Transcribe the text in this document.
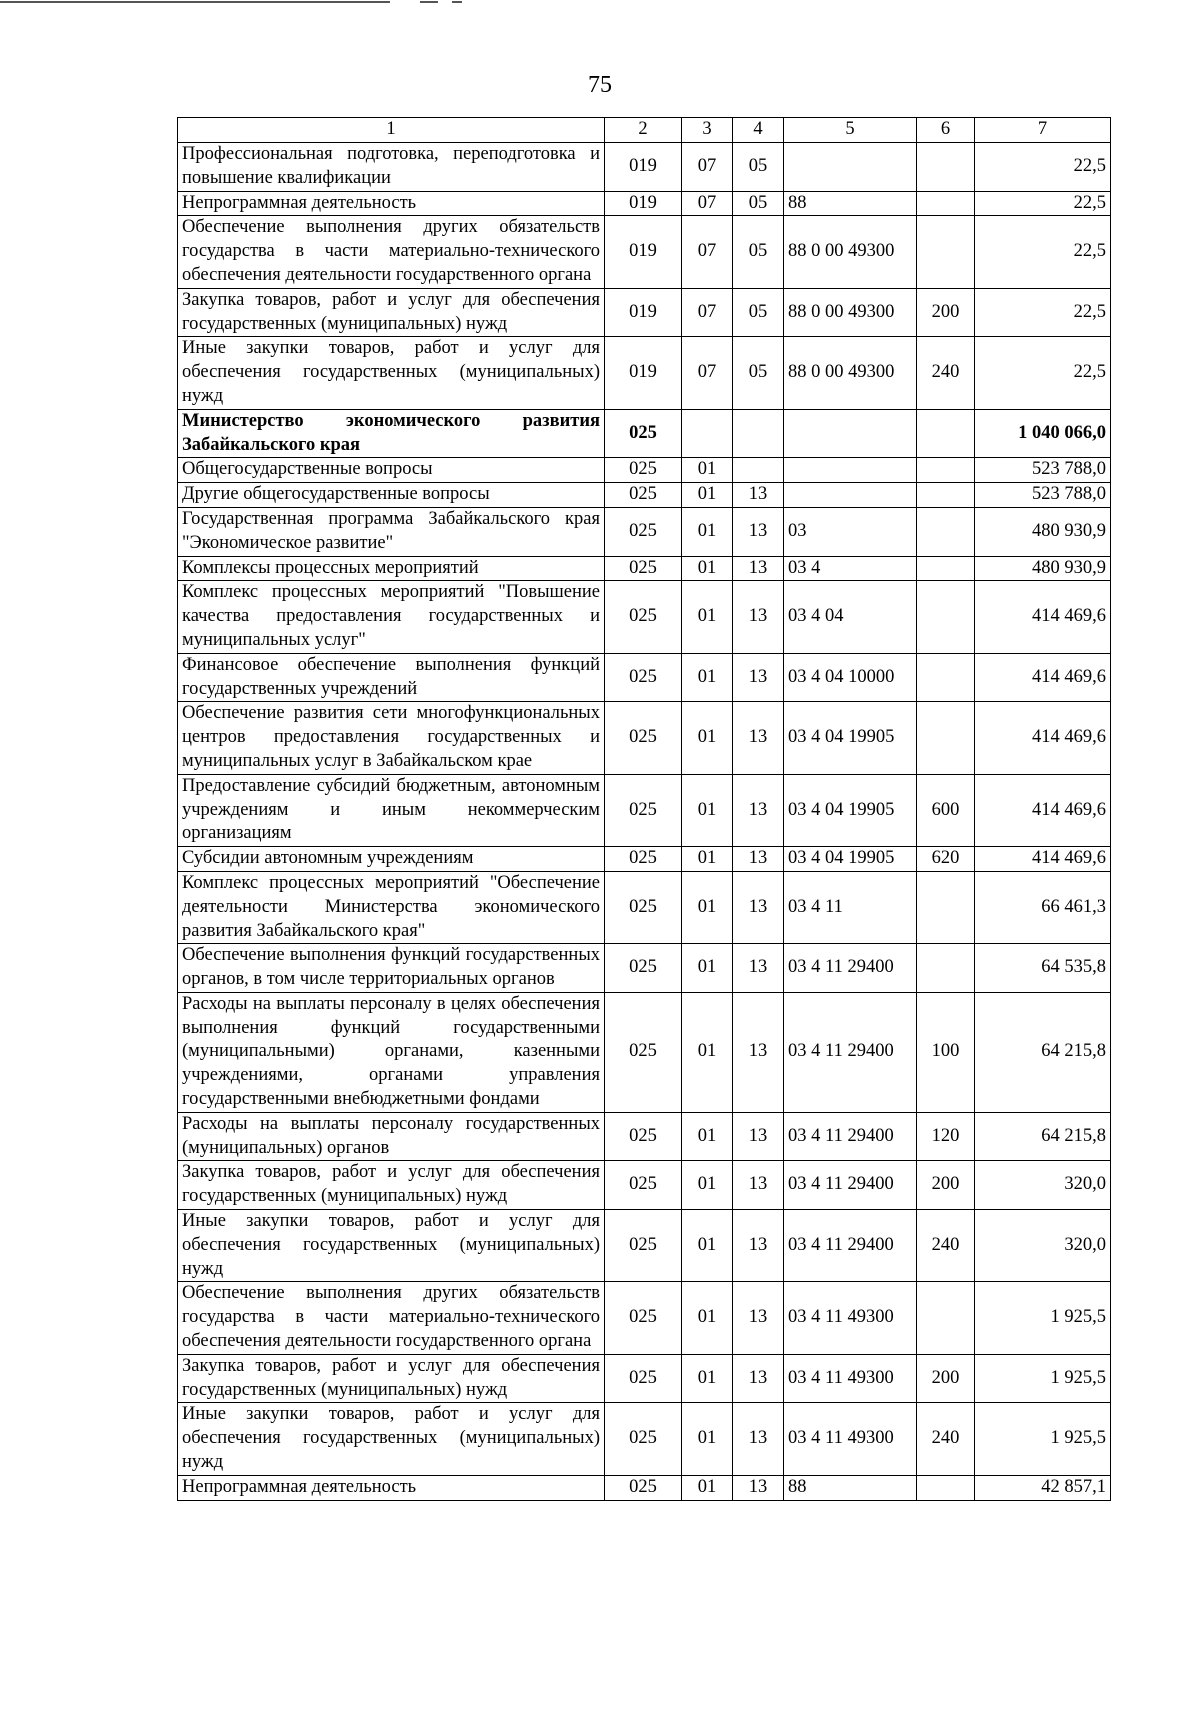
75
1	2	3	4	5	6	7
Профессиональная подготовка, переподготовка и повышение квалификации	019	07	05			22,5
Непрограммная деятельность	019	07	05	88		22,5
Обеспечение выполнения других обязательств государства в части материально-технического обеспечения деятельности государственного органа	019	07	05	88 0 00 49300		22,5
Закупка товаров, работ и услуг для обеспечения государственных (муниципальных) нужд	019	07	05	88 0 00 49300	200	22,5
Иные закупки товаров, работ и услуг для обеспечения государственных (муниципальных) нужд	019	07	05	88 0 00 49300	240	22,5
Министерство экономического развития Забайкальского края	025					1 040 066,0
Общегосударственные вопросы	025	01				523 788,0
Другие общегосударственные вопросы	025	01	13			523 788,0
Государственная программа Забайкальского края "Экономическое развитие"	025	01	13	03		480 930,9
Комплексы процессных мероприятий	025	01	13	03 4		480 930,9
Комплекс процессных мероприятий "Повышение качества предоставления государственных и муниципальных услуг"	025	01	13	03 4 04		414 469,6
Финансовое обеспечение выполнения функций государственных учреждений	025	01	13	03 4 04 10000		414 469,6
Обеспечение развития сети многофункциональных центров предоставления государственных и муниципальных услуг в Забайкальском крае	025	01	13	03 4 04 19905		414 469,6
Предоставление субсидий бюджетным, автономным учреждениям и иным некоммерческим организациям	025	01	13	03 4 04 19905	600	414 469,6
Субсидии автономным учреждениям	025	01	13	03 4 04 19905	620	414 469,6
Комплекс процессных мероприятий "Обеспечение деятельности Министерства экономического развития Забайкальского края"	025	01	13	03 4 11		66 461,3
Обеспечение выполнения функций государственных органов, в том числе территориальных органов	025	01	13	03 4 11 29400		64 535,8
Расходы на выплаты персоналу в целях обеспечения выполнения функций государственными (муниципальными) органами, казенными учреждениями, органами управления государственными внебюджетными фондами	025	01	13	03 4 11 29400	100	64 215,8
Расходы на выплаты персоналу государственных (муниципальных) органов	025	01	13	03 4 11 29400	120	64 215,8
Закупка товаров, работ и услуг для обеспечения государственных (муниципальных) нужд	025	01	13	03 4 11 29400	200	320,0
Иные закупки товаров, работ и услуг для обеспечения государственных (муниципальных) нужд	025	01	13	03 4 11 29400	240	320,0
Обеспечение выполнения других обязательств государства в части материально-технического обеспечения деятельности государственного органа	025	01	13	03 4 11 49300		1 925,5
Закупка товаров, работ и услуг для обеспечения государственных (муниципальных) нужд	025	01	13	03 4 11 49300	200	1 925,5
Иные закупки товаров, работ и услуг для обеспечения государственных (муниципальных) нужд	025	01	13	03 4 11 49300	240	1 925,5
Непрограммная деятельность	025	01	13	88		42 857,1
